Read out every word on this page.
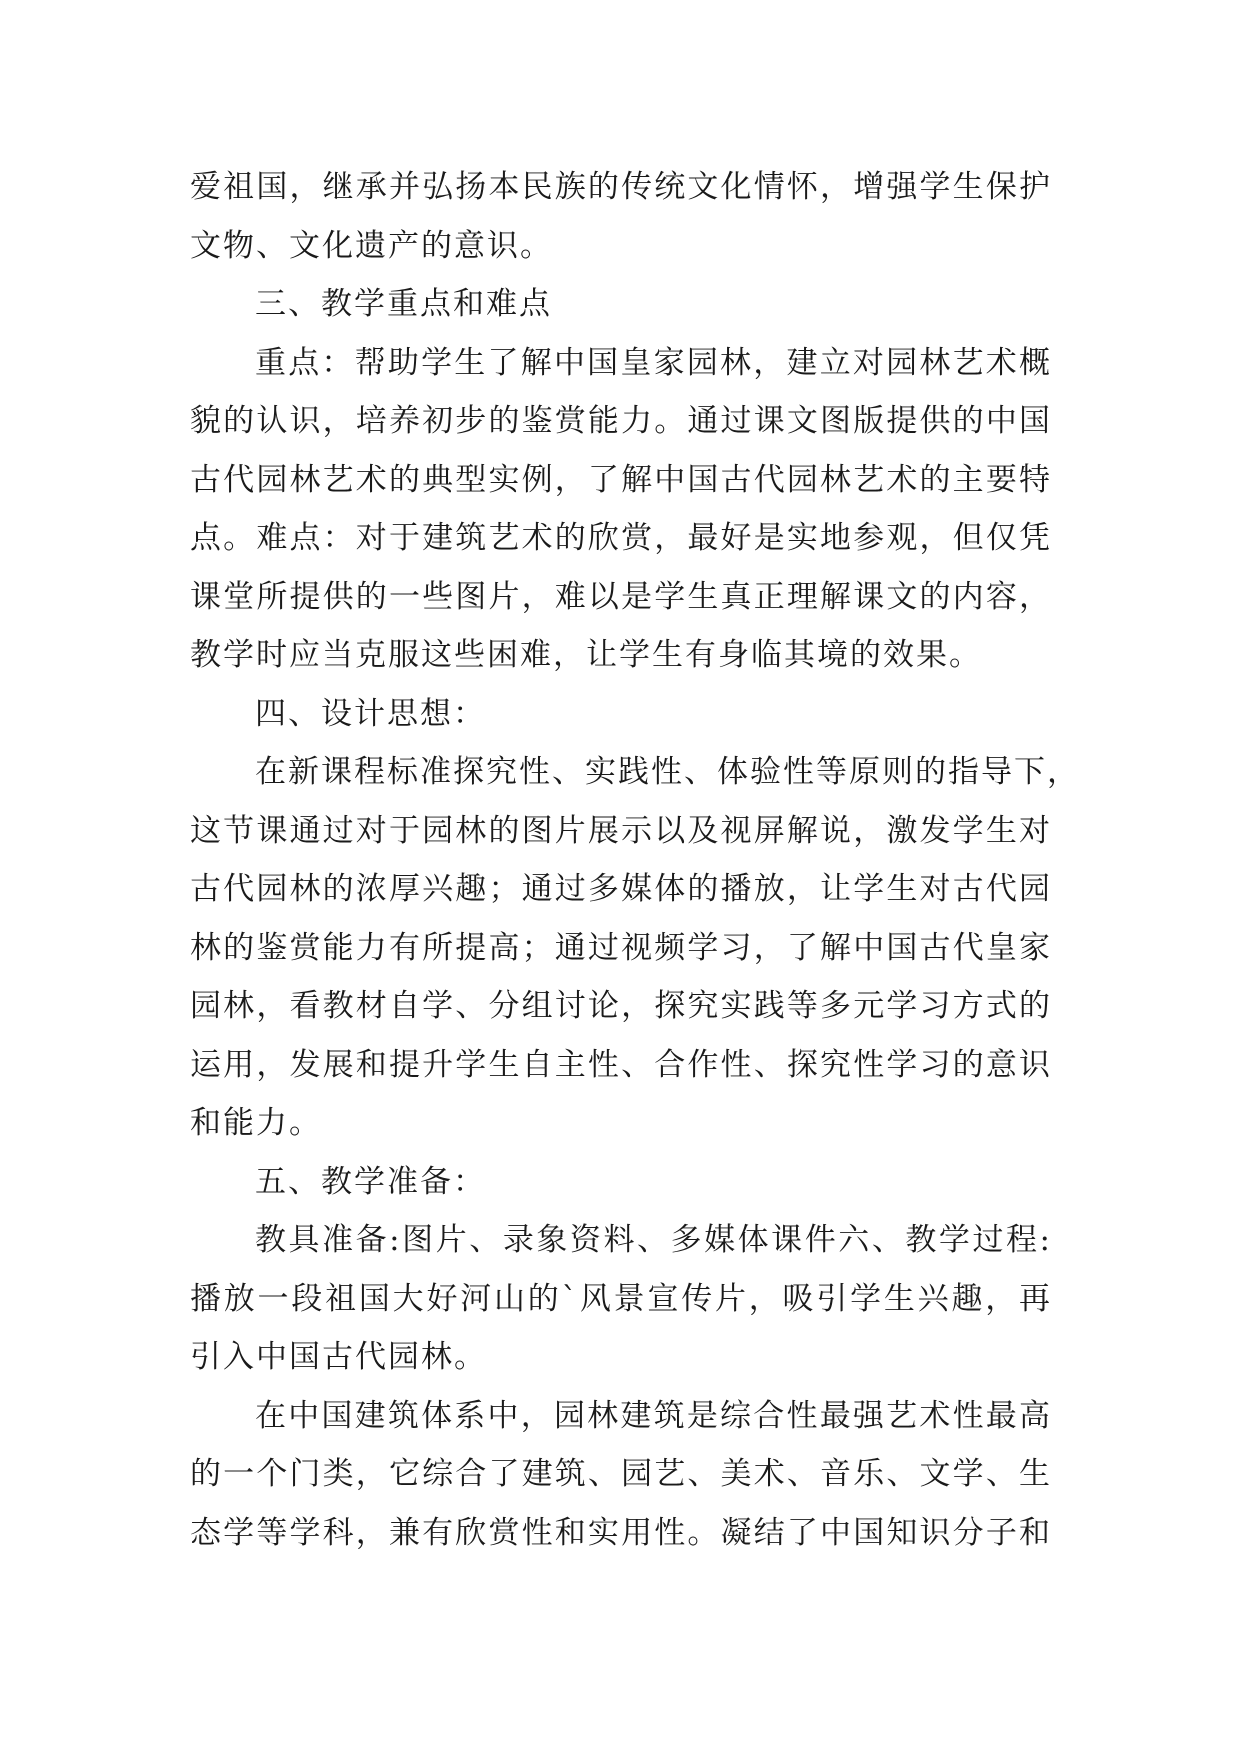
爱祖国，继承并弘扬本民族的传统文化情怀，增强学生保护
文物、文化遗产的意识。
三、教学重点和难点
重点：帮助学生了解中国皇家园林，建立对园林艺术概
貌的认识，培养初步的鉴赏能力。通过课文图版提供的中国
古代园林艺术的典型实例，了解中国古代园林艺术的主要特
点。难点：对于建筑艺术的欣赏，最好是实地参观，但仅凭
课堂所提供的一些图片，难以是学生真正理解课文的内容，
教学时应当克服这些困难，让学生有身临其境的效果。
四、设计思想：
在新课程标准探究性、实践性、体验性等原则的指导下，
这节课通过对于园林的图片展示以及视屏解说，激发学生对
古代园林的浓厚兴趣；通过多媒体的播放，让学生对古代园
林的鉴赏能力有所提高；通过视频学习，了解中国古代皇家
园林，看教材自学、分组讨论，探究实践等多元学习方式的
运用，发展和提升学生自主性、合作性、探究性学习的意识
和能力。
五、教学准备：
教具准备:图片、录象资料、多媒体课件六、教学过程:
播放一段祖国大好河山的`风景宣传片，吸引学生兴趣，再
引入中国古代园林。
在中国建筑体系中，园林建筑是综合性最强艺术性最高
的一个门类，它综合了建筑、园艺、美术、音乐、文学、生
态学等学科，兼有欣赏性和实用性。凝结了中国知识分子和
